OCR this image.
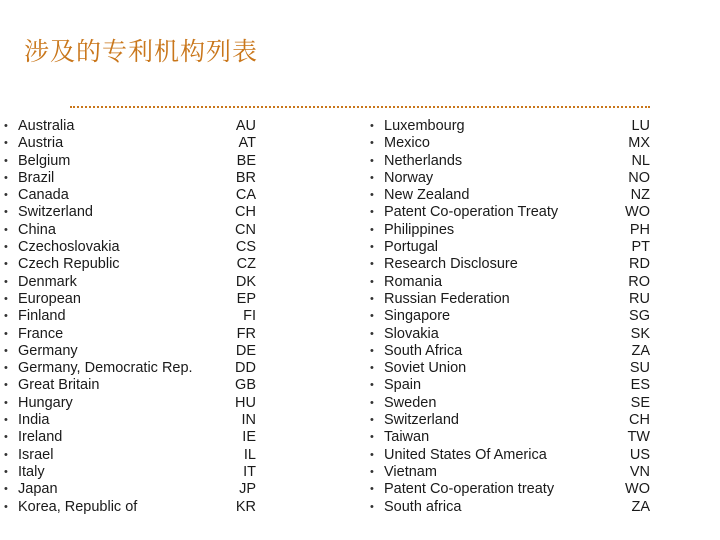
涉及的专利机构列表
• Australia	AU
• Austria	AT
• Belgium	BE
• Brazil	BR
• Canada	CA
• Switzerland	CH
• China	CN
• Czechoslovakia	CS
• Czech Republic	CZ
• Denmark	DK
• European	EP
• Finland	FI
• France	FR
• Germany	DE
• Germany, Democratic Rep.	DD
• Great Britain	GB
• Hungary	HU
• India	IN
• Ireland	IE
• Israel	IL
• Italy	IT
• Japan	JP
• Korea, Republic of	KR
• Luxembourg	LU
• Mexico	MX
• Netherlands	NL
• Norway	NO
• New Zealand	NZ
• Patent Co-operation Treaty	WO
• Philippines	PH
• Portugal	PT
• Research Disclosure	RD
• Romania	RO
• Russian Federation	RU
• Singapore	SG
• Slovakia	SK
• South Africa	ZA
• Soviet Union	SU
• Spain	ES
• Sweden	SE
• Switzerland	CH
• Taiwan	TW
• United States Of America	US
• Vietnam	VN
• Patent Co-operation treaty	WO
• South africa	ZA
